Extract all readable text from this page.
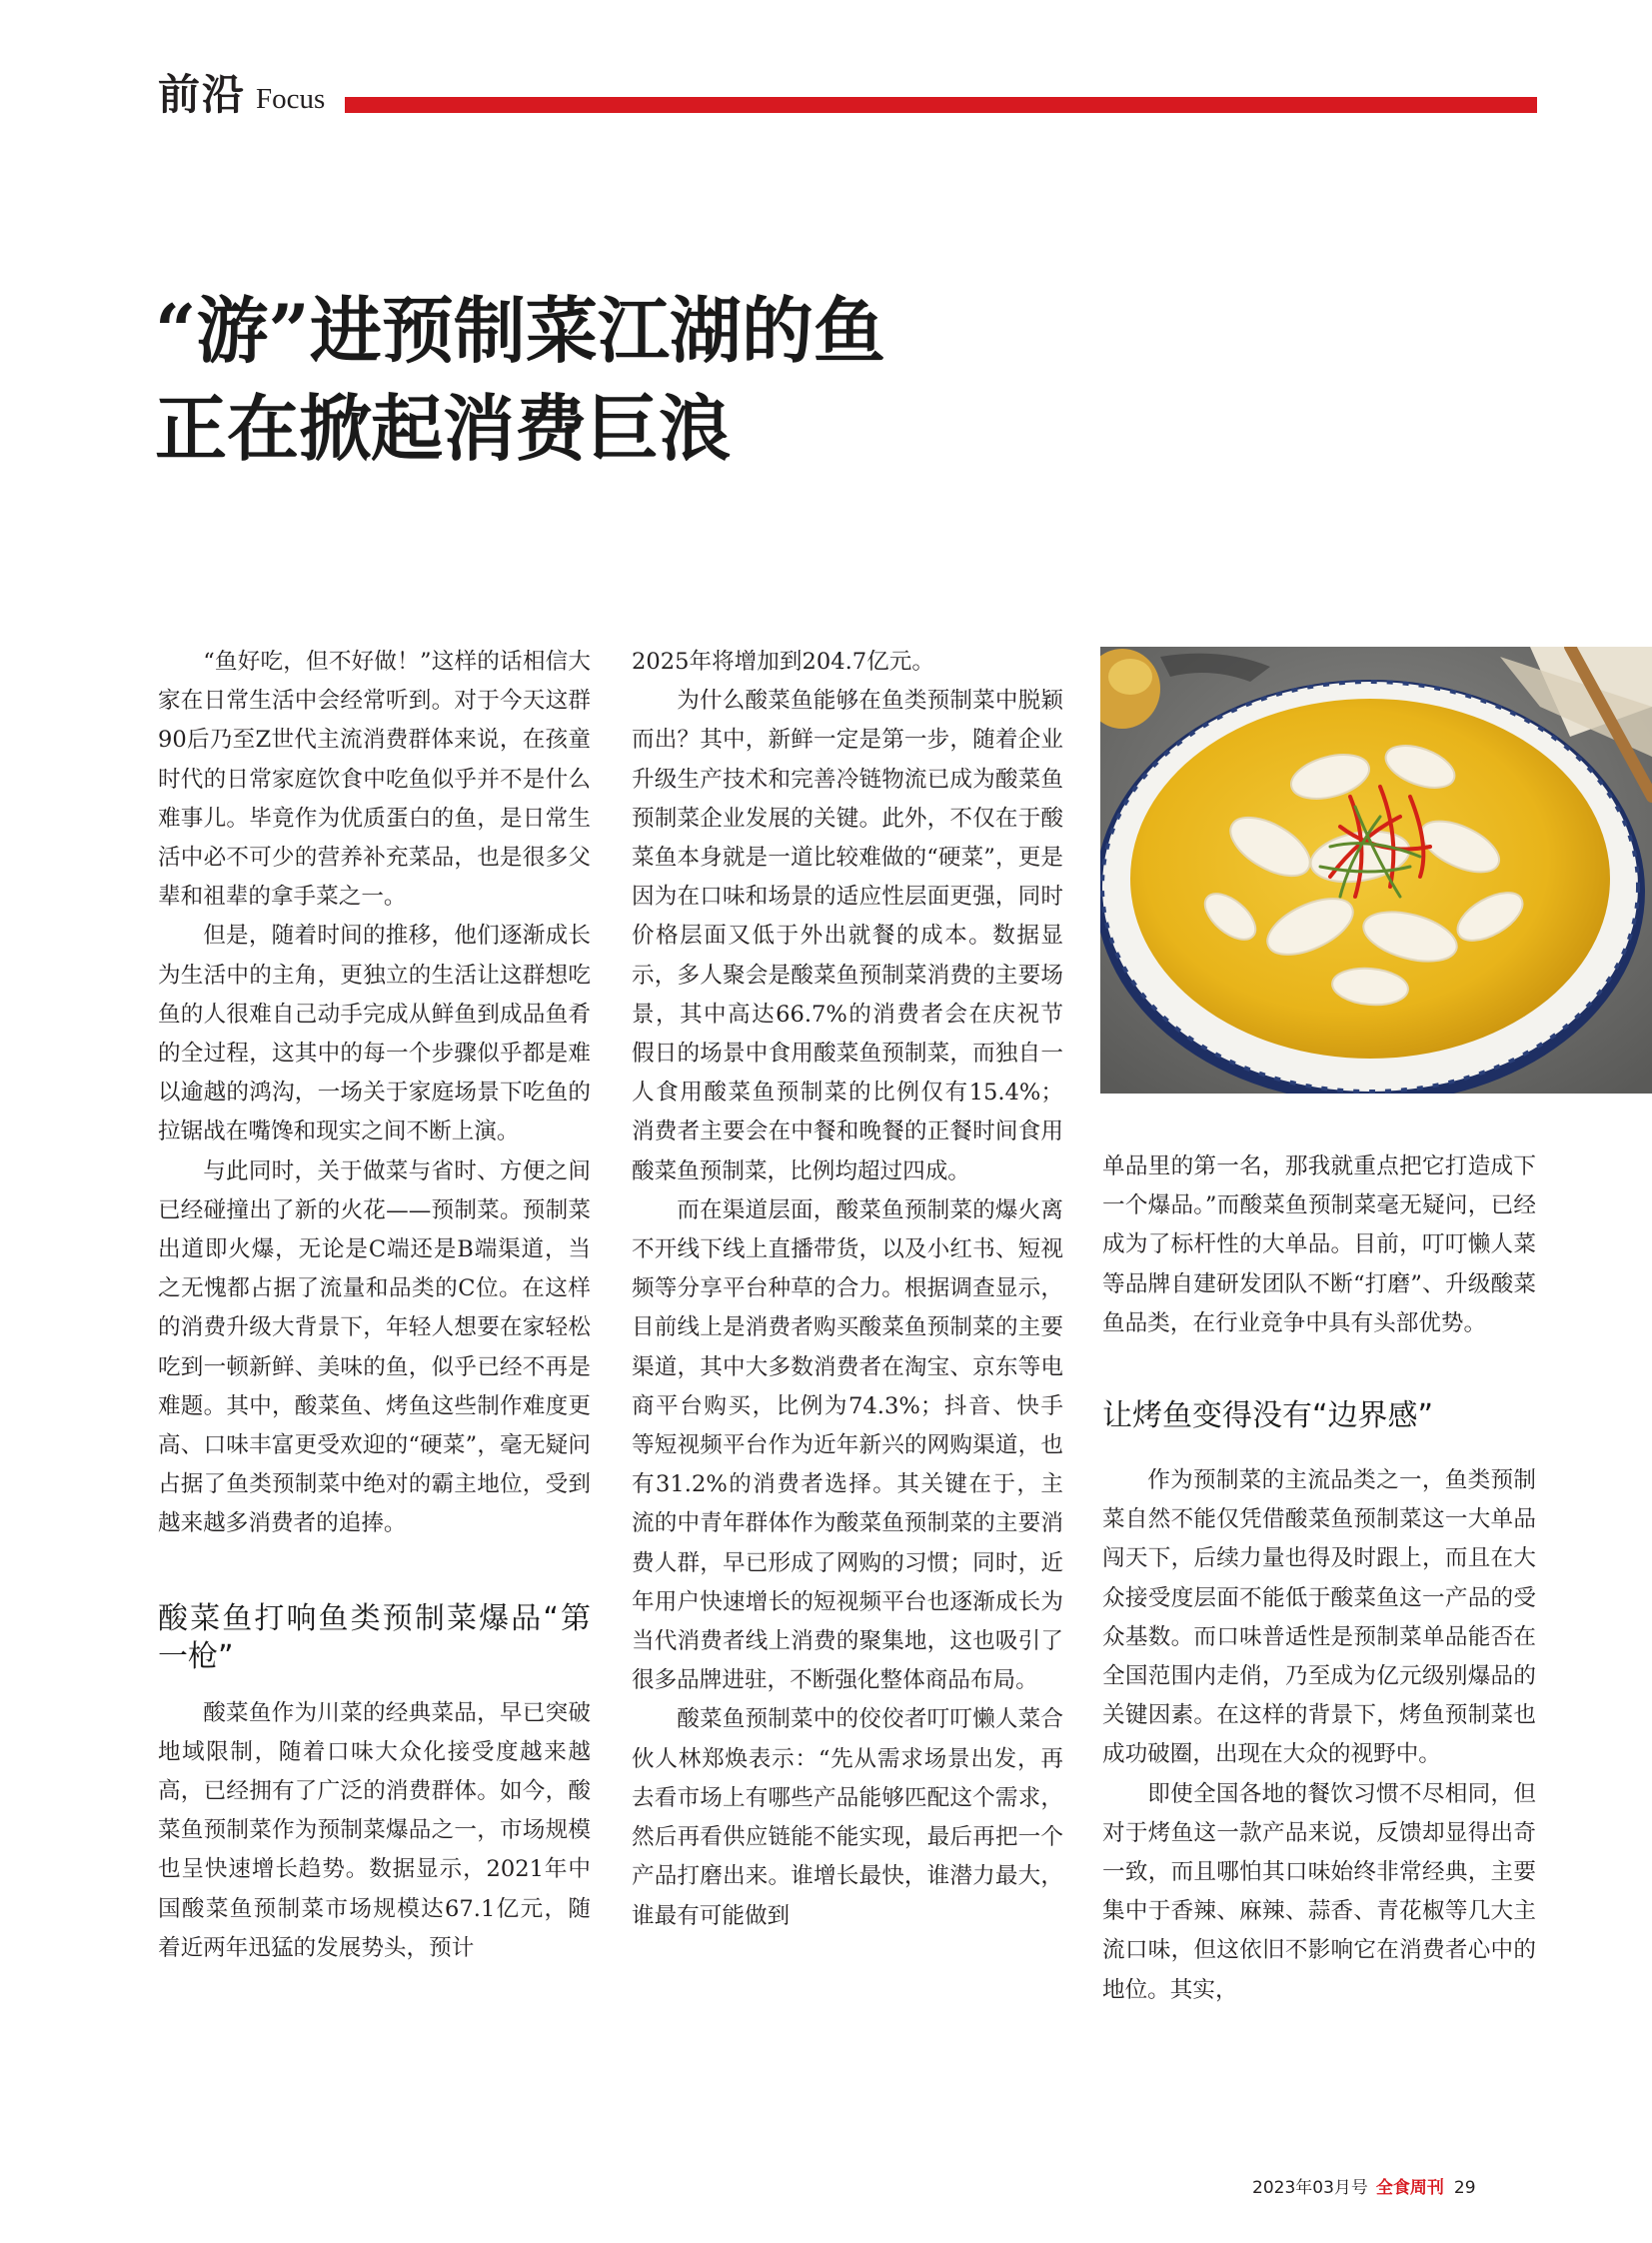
前沿 Focus
“游”进预制菜江湖的鱼
正在掀起消费巨浪

“鱼好吃，但不好做！”这样的话相信大家在日常生活中会经常听到。对于今天这群90后乃至Z世代主流消费群体来说，在孩童时代的日常家庭饮食中吃鱼似乎并不是什么难事儿。毕竟作为优质蛋白的鱼，是日常生活中必不可少的营养补充菜品，也是很多父辈和祖辈的拿手菜之一。

但是，随着时间的推移，他们逐渐成长为生活中的主角，更独立的生活让这群想吃鱼的人很难自己动手完成从鲜鱼到成品鱼肴的全过程，这其中的每一个步骤似乎都是难以逾越的鸿沟，一场关于家庭场景下吃鱼的拉锯战在嘴馋和现实之间不断上演。

与此同时，关于做菜与省时、方便之间已经碰撞出了新的火花——预制菜。预制菜出道即火爆，无论是C端还是B端渠道，当之无愧都占据了流量和品类的C位。在这样的消费升级大背景下，年轻人想要在家轻松吃到一顿新鲜、美味的鱼，似乎已经不再是难题。其中，酸菜鱼、烤鱼这些制作难度更高、口味丰富更受欢迎的“硬菜”，毫无疑问占据了鱼类预制菜中绝对的霸主地位，受到越来越多消费者的追捧。

酸菜鱼打响鱼类预制菜爆品“第一枪”

酸菜鱼作为川菜的经典菜品，早已突破地域限制，随着口味大众化接受度越来越高，已经拥有了广泛的消费群体。如今，酸菜鱼预制菜作为预制菜爆品之一，市场规模也呈快速增长趋势。数据显示，2021年中国酸菜鱼预制菜市场规模达67.1亿元，随着近两年迅猛的发展势头，预计

2025年将增加到204.7亿元。

为什么酸菜鱼能够在鱼类预制菜中脱颖而出？其中，新鲜一定是第一步，随着企业升级生产技术和完善冷链物流已成为酸菜鱼预制菜企业发展的关键。此外，不仅在于酸菜鱼本身就是一道比较难做的“硬菜”，更是因为在口味和场景的适应性层面更强，同时价格层面又低于外出就餐的成本。数据显示，多人聚会是酸菜鱼预制菜消费的主要场景，其中高达66.7%的消费者会在庆祝节假日的场景中食用酸菜鱼预制菜，而独自一人食用酸菜鱼预制菜的比例仅有15.4%；消费者主要会在中餐和晚餐的正餐时间食用酸菜鱼预制菜，比例均超过四成。

而在渠道层面，酸菜鱼预制菜的爆火离不开线下线上直播带货，以及小红书、短视频等分享平台种草的合力。根据调查显示，目前线上是消费者购买酸菜鱼预制菜的主要渠道，其中大多数消费者在淘宝、京东等电商平台购买，比例为74.3%；抖音、快手等短视频平台作为近年新兴的网购渠道，也有31.2%的消费者选择。其关键在于，主流的中青年群体作为酸菜鱼预制菜的主要消费人群，早已形成了网购的习惯；同时，近年用户快速增长的短视频平台也逐渐成长为当代消费者线上消费的聚集地，这也吸引了很多品牌进驻，不断强化整体商品布局。

酸菜鱼预制菜中的佼佼者叮叮懒人菜合伙人林郑焕表示：“先从需求场景出发，再去看市场上有哪些产品能够匹配这个需求，然后再看供应链能不能实现，最后再把一个产品打磨出来。谁增长最快，谁潜力最大，谁最有可能做到

单品里的第一名，那我就重点把它打造成下一个爆品。”而酸菜鱼预制菜毫无疑问，已经成为了标杆性的大单品。目前，叮叮懒人菜等品牌自建研发团队不断“打磨”、升级酸菜鱼品类，在行业竞争中具有头部优势。

让烤鱼变得没有“边界感”

作为预制菜的主流品类之一，鱼类预制菜自然不能仅凭借酸菜鱼预制菜这一大单品闯天下，后续力量也得及时跟上，而且在大众接受度层面不能低于酸菜鱼这一产品的受众基数。而口味普适性是预制菜单品能否在全国范围内走俏，乃至成为亿元级别爆品的关键因素。在这样的背景下，烤鱼预制菜也成功破圈，出现在大众的视野中。

即使全国各地的餐饮习惯不尽相同，但对于烤鱼这一款产品来说，反馈却显得出奇一致，而且哪怕其口味始终非常经典，主要集中于香辣、麻辣、蒜香、青花椒等几大主流口味，但这依旧不影响它在消费者心中的地位。其实，

2023年03月号 全食周刊 29
